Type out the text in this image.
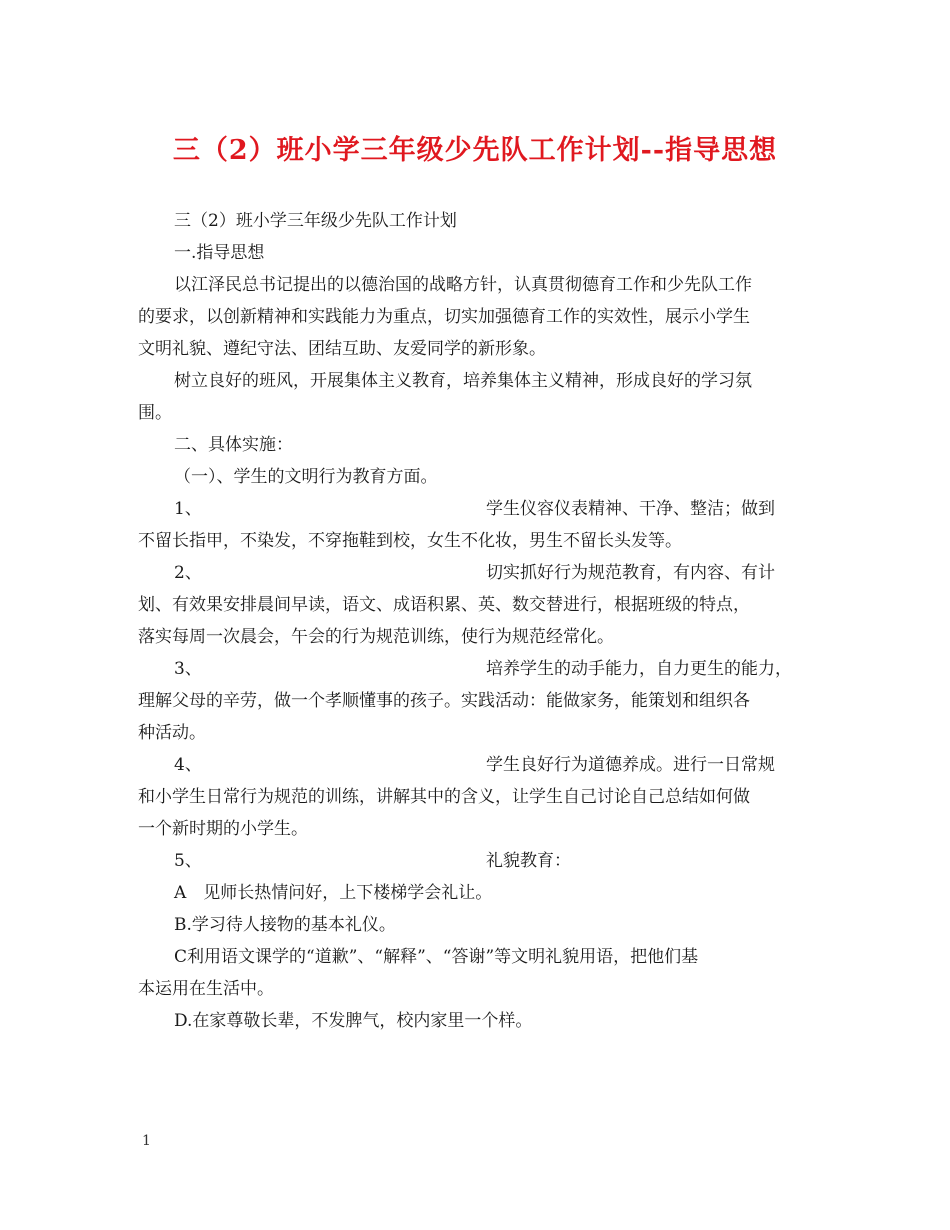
三（2）班小学三年级少先队工作计划--指导思想

三（2）班小学三年级少先队工作计划

一.指导思想

以江泽民总书记提出的以德治国的战略方针，认真贯彻德育工作和少先队工作

的要求，以创新精神和实践能力为重点，切实加强德育工作的实效性，展示小学生

文明礼貌、遵纪守法、团结互助、友爱同学的新形象。

树立良好的班风，开展集体主义教育，培养集体主义精神，形成良好的学习氛

围。

二、具体实施：

（一）、学生的文明行为教育方面。

1、	学生仪容仪表精神、干净、整洁；做到

不留长指甲，不染发，不穿拖鞋到校，女生不化妆，男生不留长头发等。

2、	切实抓好行为规范教育，有内容、有计

划、有效果安排晨间早读，语文、成语积累、英、数交替进行，根据班级的特点，

落实每周一次晨会，午会的行为规范训练，使行为规范经常化。

3、	培养学生的动手能力，自力更生的能力，

理解父母的辛劳，做一个孝顺懂事的孩子。实践活动：能做家务，能策划和组织各

种活动。

4、	学生良好行为道德养成。进行一日常规

和小学生日常行为规范的训练，讲解其中的含义，让学生自己讨论自己总结如何做

一个新时期的小学生。

5、	礼貌教育：

A　见师长热情问好，上下楼梯学会礼让。

B.学习待人接物的基本礼仪。

C利用语文课学的“道歉”、“解释”、“答谢”等文明礼貌用语，把他们基

本运用在生活中。

D.在家尊敬长辈，不发脾气，校内家里一个样。

1
